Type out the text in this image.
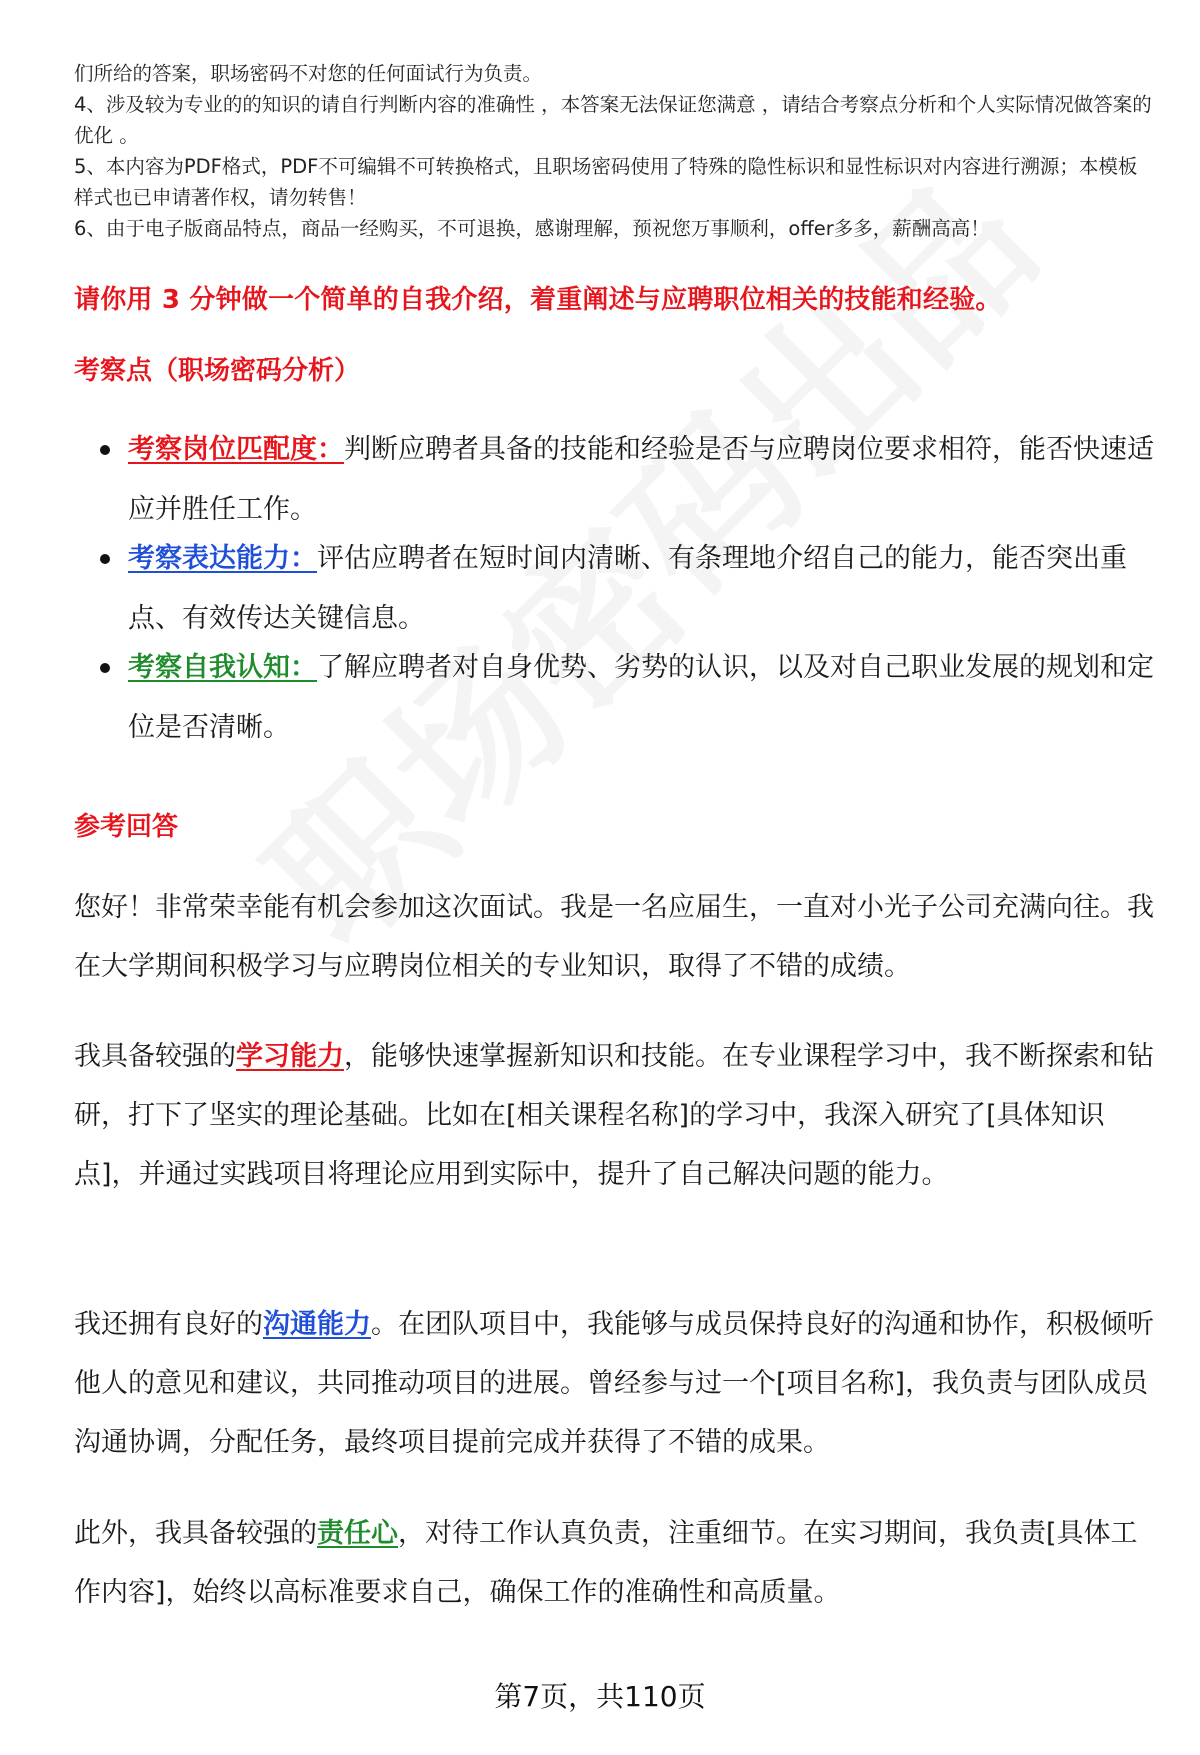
们所给的答案，职场密码不对您的任何面试行为负责。

4、涉及较为专业的的知识的请自行判断内容的准确性 ，本答案无法保证您满意 ，请结合考察点分析和个人实际情况做答案的优化 。

5、本内容为PDF格式，PDF不可编辑不可转换格式，且职场密码使用了特殊的隐性标识和显性标识对内容进行溯源；本模板样式也已申请著作权，请勿转售！

6、由于电子版商品特点，商品一经购买，不可退换，感谢理解，预祝您万事顺利，offer多多，薪酬高高！

请你用 3 分钟做一个简单的自我介绍，着重阐述与应聘职位相关的技能和经验。
考察点（职场密码分析）
考察岗位匹配度：判断应聘者具备的技能和经验是否与应聘岗位要求相符，能否快速适应并胜任工作。
考察表达能力：评估应聘者在短时间内清晰、有条理地介绍自己的能力，能否突出重点、有效传达关键信息。
考察自我认知：了解应聘者对自身优势、劣势的认识，以及对自己职业发展的规划和定位是否清晰。
参考回答

您好！非常荣幸能有机会参加这次面试。我是一名应届生，一直对小光子公司充满向往。我在大学期间积极学习与应聘岗位相关的专业知识，取得了不错的成绩。

我具备较强的学习能力，能够快速掌握新知识和技能。在专业课程学习中，我不断探索和钻研，打下了坚实的理论基础。比如在[相关课程名称]的学习中，我深入研究了[具体知识点]，并通过实践项目将理论应用到实际中，提升了自己解决问题的能力。

我还拥有良好的沟通能力。在团队项目中，我能够与成员保持良好的沟通和协作，积极倾听他人的意见和建议，共同推动项目的进展。曾经参与过一个[项目名称]，我负责与团队成员沟通协调，分配任务，最终项目提前完成并获得了不错的成果。

此外，我具备较强的责任心，对待工作认真负责，注重细节。在实习期间，我负责[具体工作内容]，始终以高标准要求自己，确保工作的准确性和高质量。

第7页，共110页
